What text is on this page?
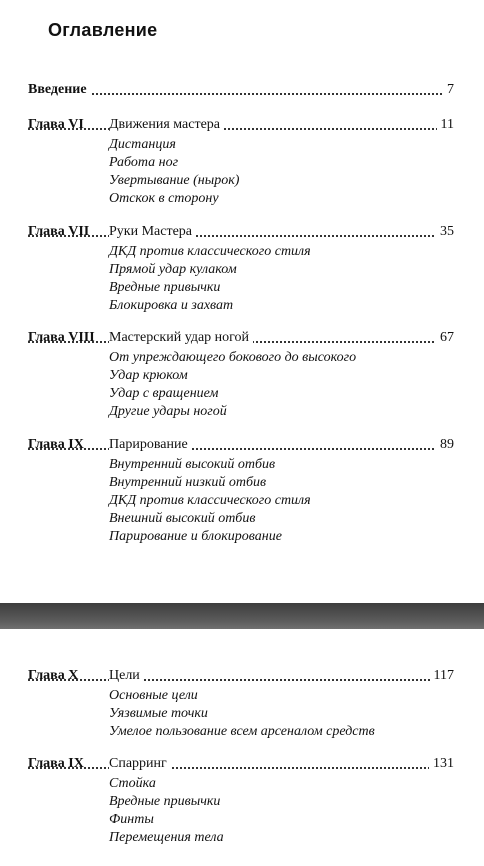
Оглавление
Введение	7
Глава VI Движения мастера	11
Дистанция
Работа ног
Увертывание (нырок)
Отскок в сторону
Глава VII Руки Мастера	35
ДКД против классического стиля
Прямой удар кулаком
Вредные привычки
Блокировка и захват
Глава VIII Мастерский удар ногой	67
От упреждающего бокового до высокого
Удар крюком
Удар с вращением
Другие удары ногой
Глава IX Парирование	89
Внутренний высокий отбив
Внутренний низкий отбив
ДКД против классического стиля
Внешний высокий отбив
Парирование и блокирование
Глава X Цели	117
Основные цели
Уязвимые точки
Умелое пользование всем арсеналом средств
Глава IX Спарринг	131
Стойка
Вредные привычки
Финты
Перемещения тела
